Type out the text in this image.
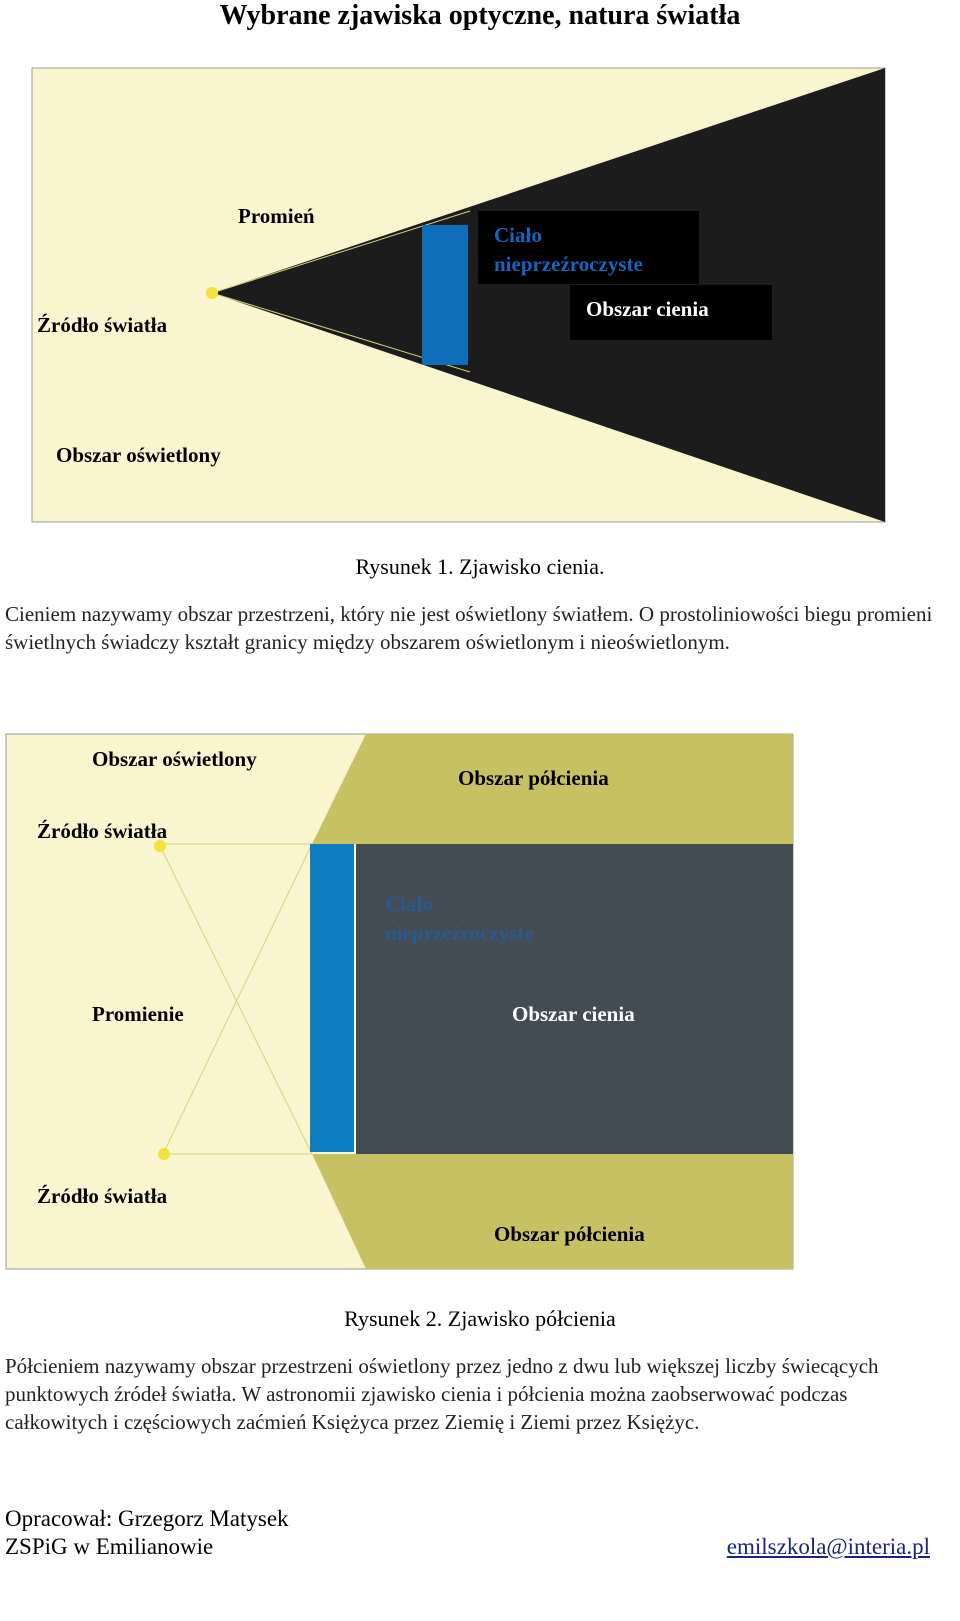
Wybrane zjawiska optyczne, natura światła
Promień
Źródło światła
Ciało
nieprzeźroczyste
Obszar cienia
Obszar oświetlony
Rysunek 1. Zjawisko cienia.
Cieniem nazywamy obszar przestrzeni, który nie jest oświetlony światłem. O prostoliniowości biegu promieni świetlnych świadczy kształt granicy między obszarem oświetlonym i nieoświetlonym.
Obszar oświetlony
Obszar półcienia
Źródło światła
Ciało
nieprzeźroczyste
Promienie	Obszar cienia
Źródło światła
Obszar półcienia
Rysunek 2. Zjawisko półcienia
Półcieniem nazywamy obszar przestrzeni oświetlony przez jedno z dwu lub większej liczby świecących punktowych źródeł światła. W astronomii zjawisko cienia i półcienia można zaobserwować podczas całkowitych i częściowych zaćmień Księżyca przez Ziemię i Ziemi przez Księżyc.
Opracował: Grzegorz Matysek
ZSPiG w Emilianowie	emilszkola@interia.pl
